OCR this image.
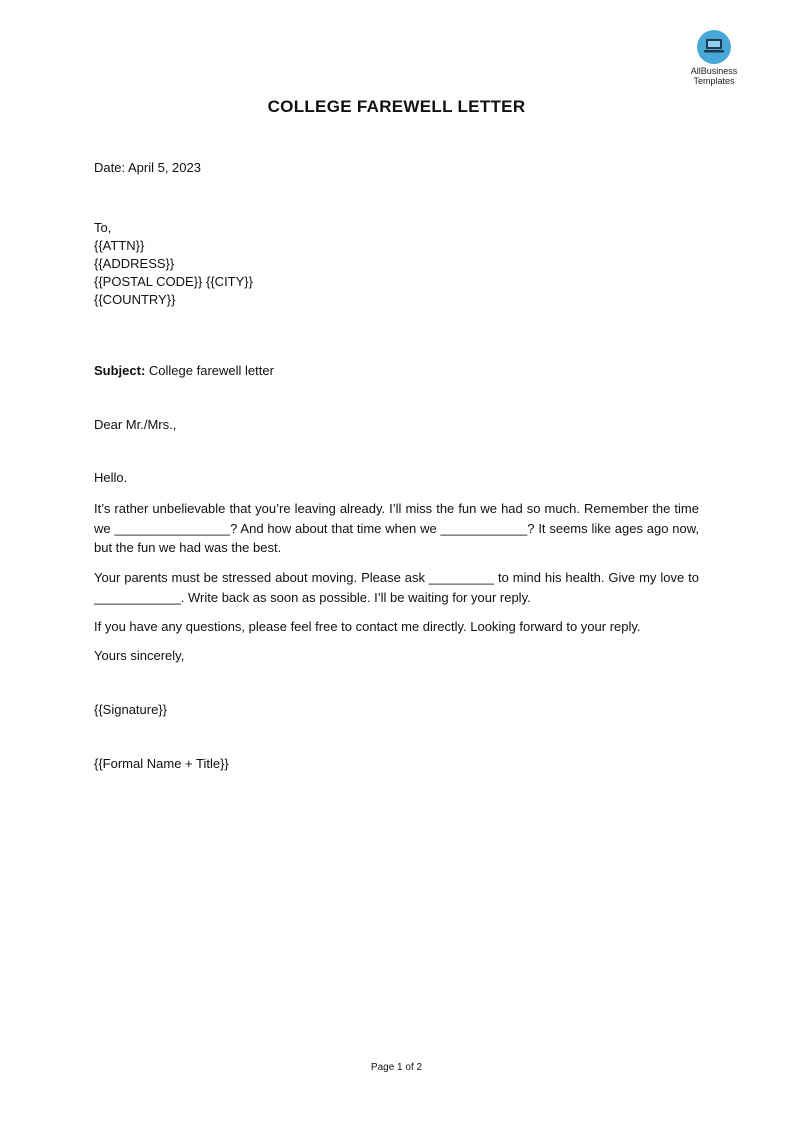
AllBusiness
Templates
COLLEGE FAREWELL LETTER
Date: April 5, 2023
To,
{{ATTN}}
{{ADDRESS}}
{{POSTAL CODE}} {{CITY}}
{{COUNTRY}}
Subject: College farewell letter
Dear Mr./Mrs.,
Hello.
It’s rather unbelievable that you’re leaving already. I’ll miss the fun we had so much. Remember the time we ________________? And how about that time when we ____________? It seems like ages ago now, but the fun we had was the best.
Your parents must be stressed about moving. Please ask _________ to mind his health. Give my love to ____________. Write back as soon as possible. I’ll be waiting for your reply.
If you have any questions, please feel free to contact me directly. Looking forward to your reply.
Yours sincerely,
{{Signature}}
{{Formal Name + Title}}
Page 1 of 2
